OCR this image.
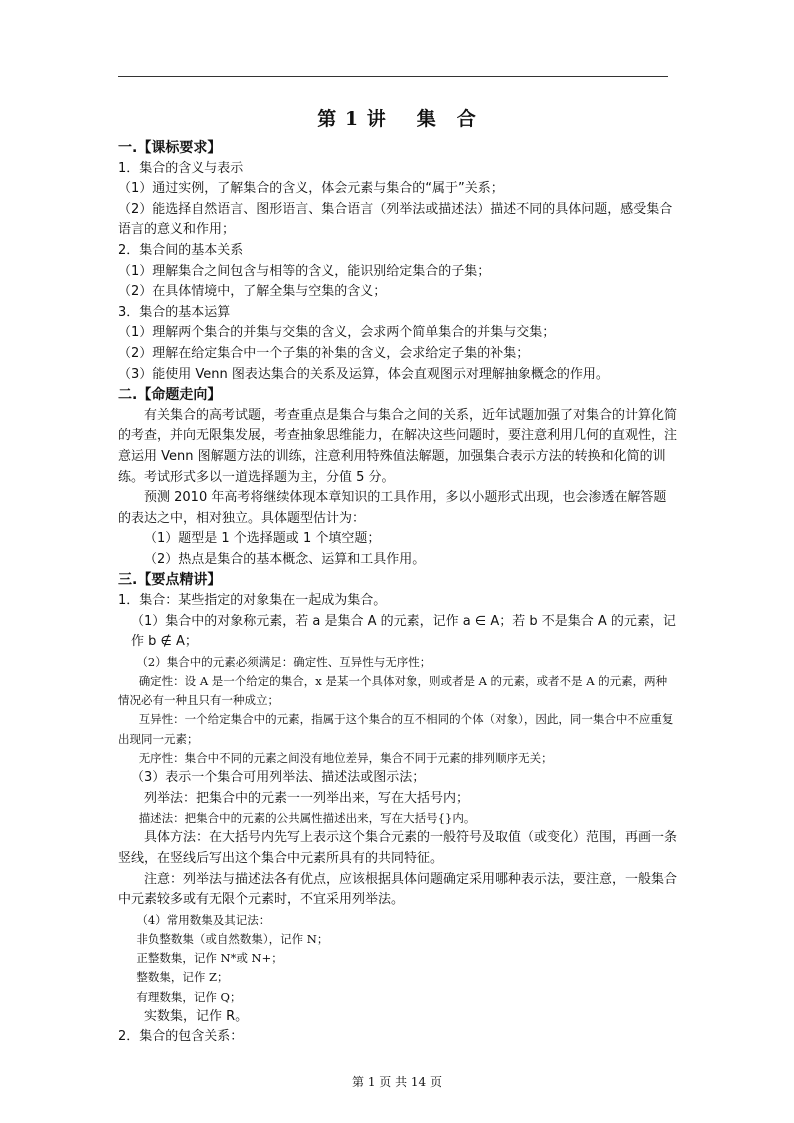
第 1 讲 集　合

一.【课标要求】

1．集合的含义与表示

（1）通过实例，了解集合的含义，体会元素与集合的“属于”关系；

（2）能选择自然语言、图形语言、集合语言（列举法或描述法）描述不同的具体问题，感受集合语言的意义和作用；

2．集合间的基本关系

（1）理解集合之间包含与相等的含义，能识别给定集合的子集；

（2）在具体情境中，了解全集与空集的含义；

3．集合的基本运算

（1）理解两个集合的并集与交集的含义，会求两个简单集合的并集与交集；

（2）理解在给定集合中一个子集的补集的含义，会求给定子集的补集；

（3）能使用 Venn 图表达集合的关系及运算，体会直观图示对理解抽象概念的作用。

二.【命题走向】

有关集合的高考试题，考查重点是集合与集合之间的关系，近年试题加强了对集合的计算化简的考查，并向无限集发展，考查抽象思维能力，在解决这些问题时，要注意利用几何的直观性，注意运用 Venn 图解题方法的训练，注意利用特殊值法解题，加强集合表示方法的转换和化简的训练。考试形式多以一道选择题为主，分值 5 分。

预测 2010 年高考将继续体现本章知识的工具作用，多以小题形式出现，也会渗透在解答题的表达之中，相对独立。具体题型估计为：

（1）题型是 1 个选择题或 1 个填空题；

（2）热点是集合的基本概念、运算和工具作用。

三.【要点精讲】

1．集合：某些指定的对象集在一起成为集合。

（1）集合中的对象称元素，若 a 是集合 A 的元素，记作 a ∈ A；若 b 不是集合 A 的元素，记作 b ∉ A；

（2）集合中的元素必须满足：确定性、互异性与无序性；

确定性：设 A 是一个给定的集合，x 是某一个具体对象，则或者是 A 的元素，或者不是 A 的元素，两种情况必有一种且只有一种成立；

互异性：一个给定集合中的元素，指属于这个集合的互不相同的个体（对象），因此，同一集合中不应重复出现同一元素；

无序性：集合中不同的元素之间没有地位差异，集合不同于元素的排列顺序无关；

（3）表示一个集合可用列举法、描述法或图示法；

列举法：把集合中的元素一一列举出来，写在大括号内；

描述法：把集合中的元素的公共属性描述出来，写在大括号{}内。

具体方法：在大括号内先写上表示这个集合元素的一般符号及取值（或变化）范围，再画一条竖线，在竖线后写出这个集合中元素所具有的共同特征。

注意：列举法与描述法各有优点，应该根据具体问题确定采用哪种表示法，要注意，一般集合中元素较多或有无限个元素时，不宜采用列举法。

（4）常用数集及其记法：

非负整数集（或自然数集），记作 N；

正整数集，记作 N*或 N+；

整数集，记作 Z；

有理数集，记作 Q；

实数集，记作 R。

2．集合的包含关系：

第 1 页 共 14 页
